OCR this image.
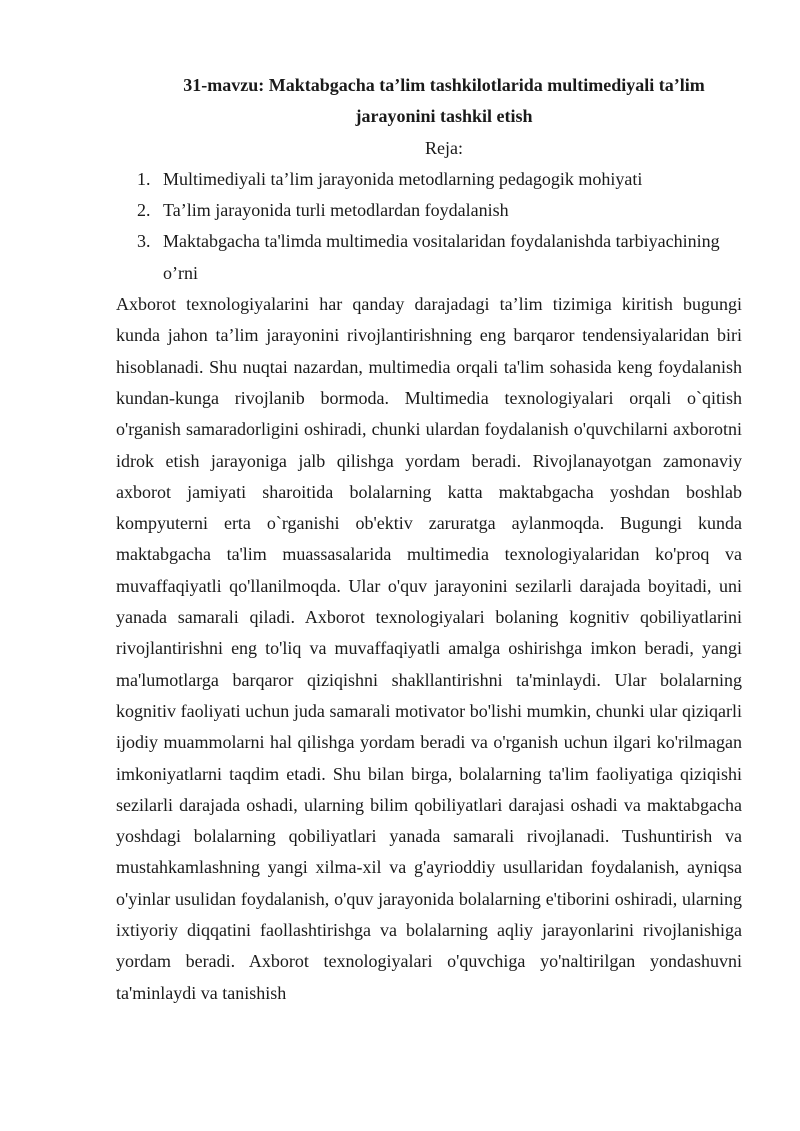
31-mavzu: Maktabgacha ta’lim tashkilotlarida multimediyali ta’lim
jarayonini tashkil etish

Reja:

1. Multimediyali ta’lim jarayonida metodlarning pedagogik mohiyati
2. Ta’lim jarayonida turli metodlardan foydalanish
3. Maktabgacha ta'limda multimedia vositalaridan foydalanishda tarbiyachining o’rni

Axborot texnologiyalarini har qanday darajadagi ta’lim tizimiga kiritish bugungi kunda jahon ta’lim jarayonini rivojlantirishning eng barqaror tendensiyalaridan biri hisoblanadi. Shu nuqtai nazardan, multimedia orqali ta'lim sohasida keng foydalanish kundan-kunga rivojlanib bormoda. Multimedia texnologiyalari orqali o`qitish o'rganish samaradorligini oshiradi, chunki ulardan foydalanish o'quvchilarni axborotni idrok etish jarayoniga jalb qilishga yordam beradi. Rivojlanayotgan zamonaviy axborot jamiyati sharoitida bolalarning katta maktabgacha yoshdan boshlab kompyuterni erta o`rganishi ob'ektiv zaruratga aylanmoqda. Bugungi kunda maktabgacha ta'lim muassasalarida multimedia texnologiyalaridan ko'proq va muvaffaqiyatli qo'llanilmoqda. Ular o'quv jarayonini sezilarli darajada boyitadi, uni yanada samarali qiladi. Axborot texnologiyalari bolaning kognitiv qobiliyatlarini rivojlantirishni eng to'liq va muvaffaqiyatli amalga oshirishga imkon beradi, yangi ma'lumotlarga barqaror qiziqishni shakllantirishni ta'minlaydi. Ular bolalarning kognitiv faoliyati uchun juda samarali motivator bo'lishi mumkin, chunki ular qiziqarli ijodiy muammolarni hal qilishga yordam beradi va o'rganish uchun ilgari ko'rilmagan imkoniyatlarni taqdim etadi. Shu bilan birga, bolalarning ta'lim faoliyatiga qiziqishi sezilarli darajada oshadi, ularning bilim qobiliyatlari darajasi oshadi va maktabgacha yoshdagi bolalarning qobiliyatlari yanada samarali rivojlanadi. Tushuntirish va mustahkamlashning yangi xilma-xil va g'ayrioddiy usullaridan foydalanish, ayniqsa o'yinlar usulidan foydalanish, o'quv jarayonida bolalarning e'tiborini oshiradi, ularning ixtiyoriy diqqatini faollashtirishga va bolalarning aqliy jarayonlarini rivojlanishiga yordam beradi. Axborot texnologiyalari o'quvchiga yo'naltirilgan yondashuvni ta'minlaydi va tanishish
